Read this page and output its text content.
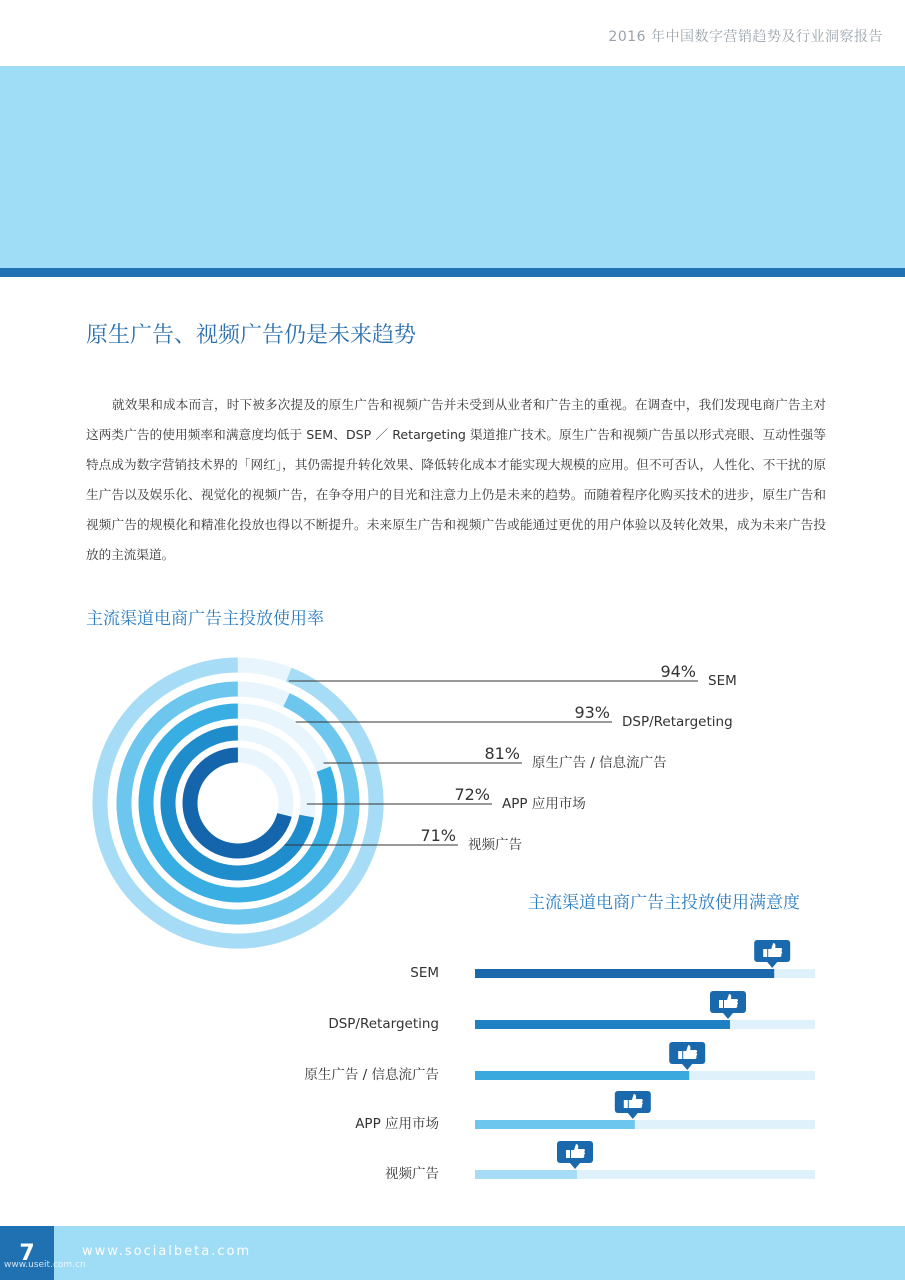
2016 年中国数字营销趋势及行业洞察报告
原生广告、视频广告仍是未来趋势

就效果和成本而言，时下被多次提及的原生广告和视频广告并未受到从业者和广告主的重视。在调查中，我们发现电商广告主对这两类广告的使用频率和满意度均低于 SEM、DSP ／ Retargeting 渠道推广技术。原生广告和视频广告虽以形式亮眼、互动性强等特点成为数字营销技术界的「网红」，其仍需提升转化效果、降低转化成本才能实现大规模的应用。但不可否认，人性化、不干扰的原生广告以及娱乐化、视觉化的视频广告，在争夺用户的目光和注意力上仍是未来的趋势。而随着程序化购买技术的进步，原生广告和视频广告的规模化和精准化投放也得以不断提升。未来原生广告和视频广告或能通过更优的用户体验以及转化效果，成为未来广告投放的主流渠道。

主流渠道电商广告主投放使用率
主流渠道电商广告主投放使用满意度
94% SEM
93% DSP/Retargeting
81% 原生广告 / 信息流广告
72% APP 应用市场
71% 视频广告
SEM
DSP/Retargeting
原生广告 / 信息流广告
APP 应用市场
视频广告
7	www.socialbeta.com
www.useit.com.cn
